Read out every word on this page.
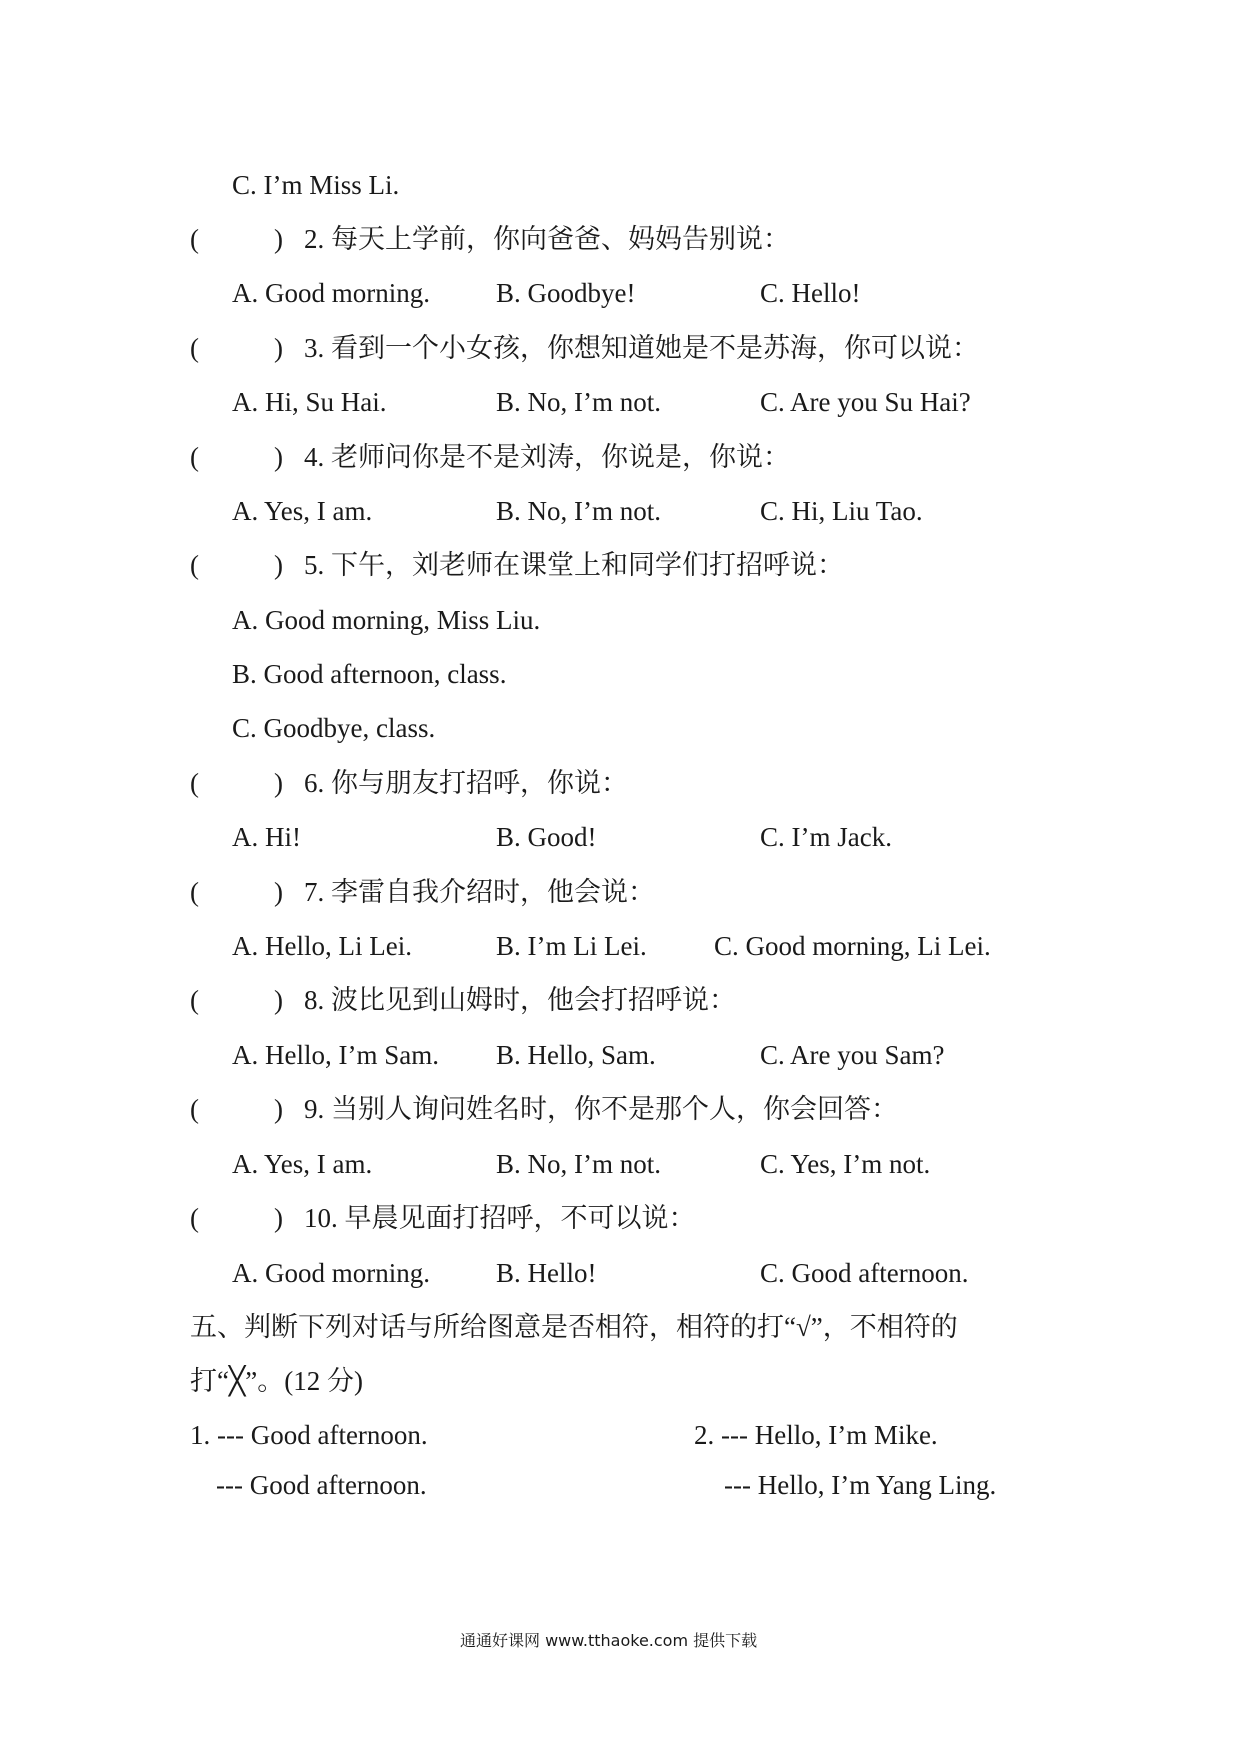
C. I’m Miss Li.
(	) 2. 每天上学前，你向爸爸、妈妈告别说：
A. Good morning. B. Goodbye!	C. Hello!
(	) 3. 看到一个小女孩，你想知道她是不是苏海，你可以说：
A. Hi, Su Hai.	B. No, I’m not.	C. Are you Su Hai?
(	) 4. 老师问你是不是刘涛，你说是，你说：
A. Yes, I am.	B. No, I’m not.	C. Hi, Liu Tao.
(	) 5. 下午，刘老师在课堂上和同学们打招呼说：
A. Good morning, Miss Liu.
B. Good afternoon, class.
C. Goodbye, class.
(	) 6. 你与朋友打招呼，你说：
A. Hi!	B. Good!	C. I’m Jack.
(	) 7. 李雷自我介绍时，他会说：
A. Hello, Li Lei.	B. I’m Li Lei. C. Good morning, Li Lei.
(	) 8. 波比见到山姆时，他会打招呼说：
A. Hello, I’m Sam. B. Hello, Sam.	C. Are you Sam?
(	) 9. 当别人询问姓名时，你不是那个人，你会回答：
A. Yes, I am.	B. No, I’m not.	C. Yes, I’m not.
(	) 10. 早晨见面打招呼，不可以说：
A. Good morning. B. Hello!	C. Good afternoon.
五、判断下列对话与所给图意是否相符，相符的打“√”，不相符的
打“╳”。(12 分)
1. --- Good afternoon.
--- Good afternoon.
2. --- Hello, I’m Mike.
--- Hello, I’m Yang Ling.
通通好课网 www.tthaoke.com 提供下载
